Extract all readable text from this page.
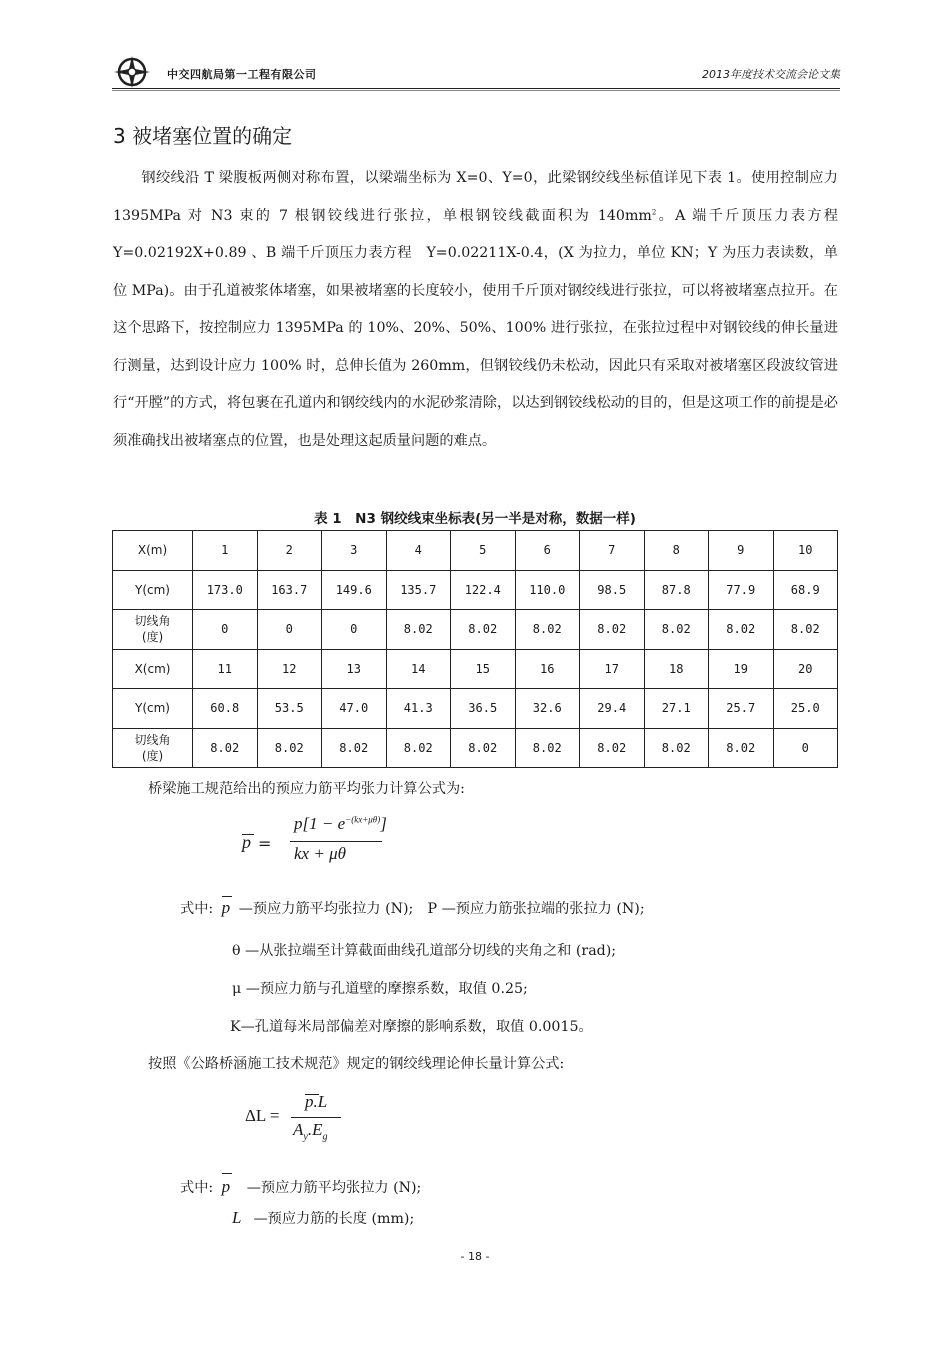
中交四航局第一工程有限公司	2013年度技术交流会论文集
3 被堵塞位置的确定

钢绞线沿 T 梁腹板两侧对称布置，以梁端坐标为 X=0、Y=0，此梁钢绞线坐标值详见下表 1。使用控制应力 1395MPa 对 N3 束的 7 根钢铰线进行张拉，单根钢铰线截面积为 $140mm^2$。A 端千斤顶压力表方程　Y=0.02192X+0.89 、B 端千斤顶压力表方程　Y=0.02211X-0.4，(X 为拉力，单位 KN；Y 为压力表读数，单位 MPa)。由于孔道被浆体堵塞，如果被堵塞的长度较小，使用千斤顶对钢绞线进行张拉，可以将被堵塞点拉开。在这个思路下，按控制应力 1395MPa 的 10%、20%、50%、100% 进行张拉，在张拉过程中对钢铰线的伸长量进行测量，达到设计应力 100% 时，总伸长值为 260mm，但钢铰线仍未松动，因此只有采取对被堵塞区段波纹管进行“开膛”的方式，将包裹在孔道内和钢绞线内的水泥砂浆清除，以达到钢铰线松动的目的，但是这项工作的前提是必须准确找出被堵塞点的位置，也是处理这起质量问题的难点。

表 1　N3 钢绞线束坐标表(另一半是对称，数据一样)
X(m)	1	2	3	4	5	6	7	8	9	10
Y(cm)	173.0	163.7	149.6	135.7	122.4	110.0	98.5	87.8	77.9	68.9
切线角
(度)	0	0	0	8.02	8.02	8.02	8.02	8.02	8.02	8.02
X(cm)	11	12	13	14	15	16	17	18	19	20
Y(cm)	60.8	53.5	47.0	41.3	36.5	32.6	29.4	27.1	25.7	25.0
切线角
(度)	8.02	8.02	8.02	8.02	8.02	8.02	8.02	8.02	8.02	0
桥梁施工规范给出的预应力筋平均张力计算公式为:
p =
$p[1 - e^{-(kx+\mu\theta)}]$
kx + μθ
式中: p —预应力筋平均张拉力 (N);　P —预应力筋张拉端的张拉力 (N);
θ —从张拉端至计算截面曲线孔道部分切线的夹角之和 (rad);
μ —预应力筋与孔道壁的摩擦系数，取值 0.25;
K—孔道每米局部偏差对摩擦的影响系数，取值 0.0015。
按照《公路桥涵施工技术规范》规定的钢绞线理论伸长量计算公式:
ΔL =
p.L
$A_y.E_g$
式中: p —预应力筋平均张拉力 (N);
L —预应力筋的长度 (mm);
- 18 -
